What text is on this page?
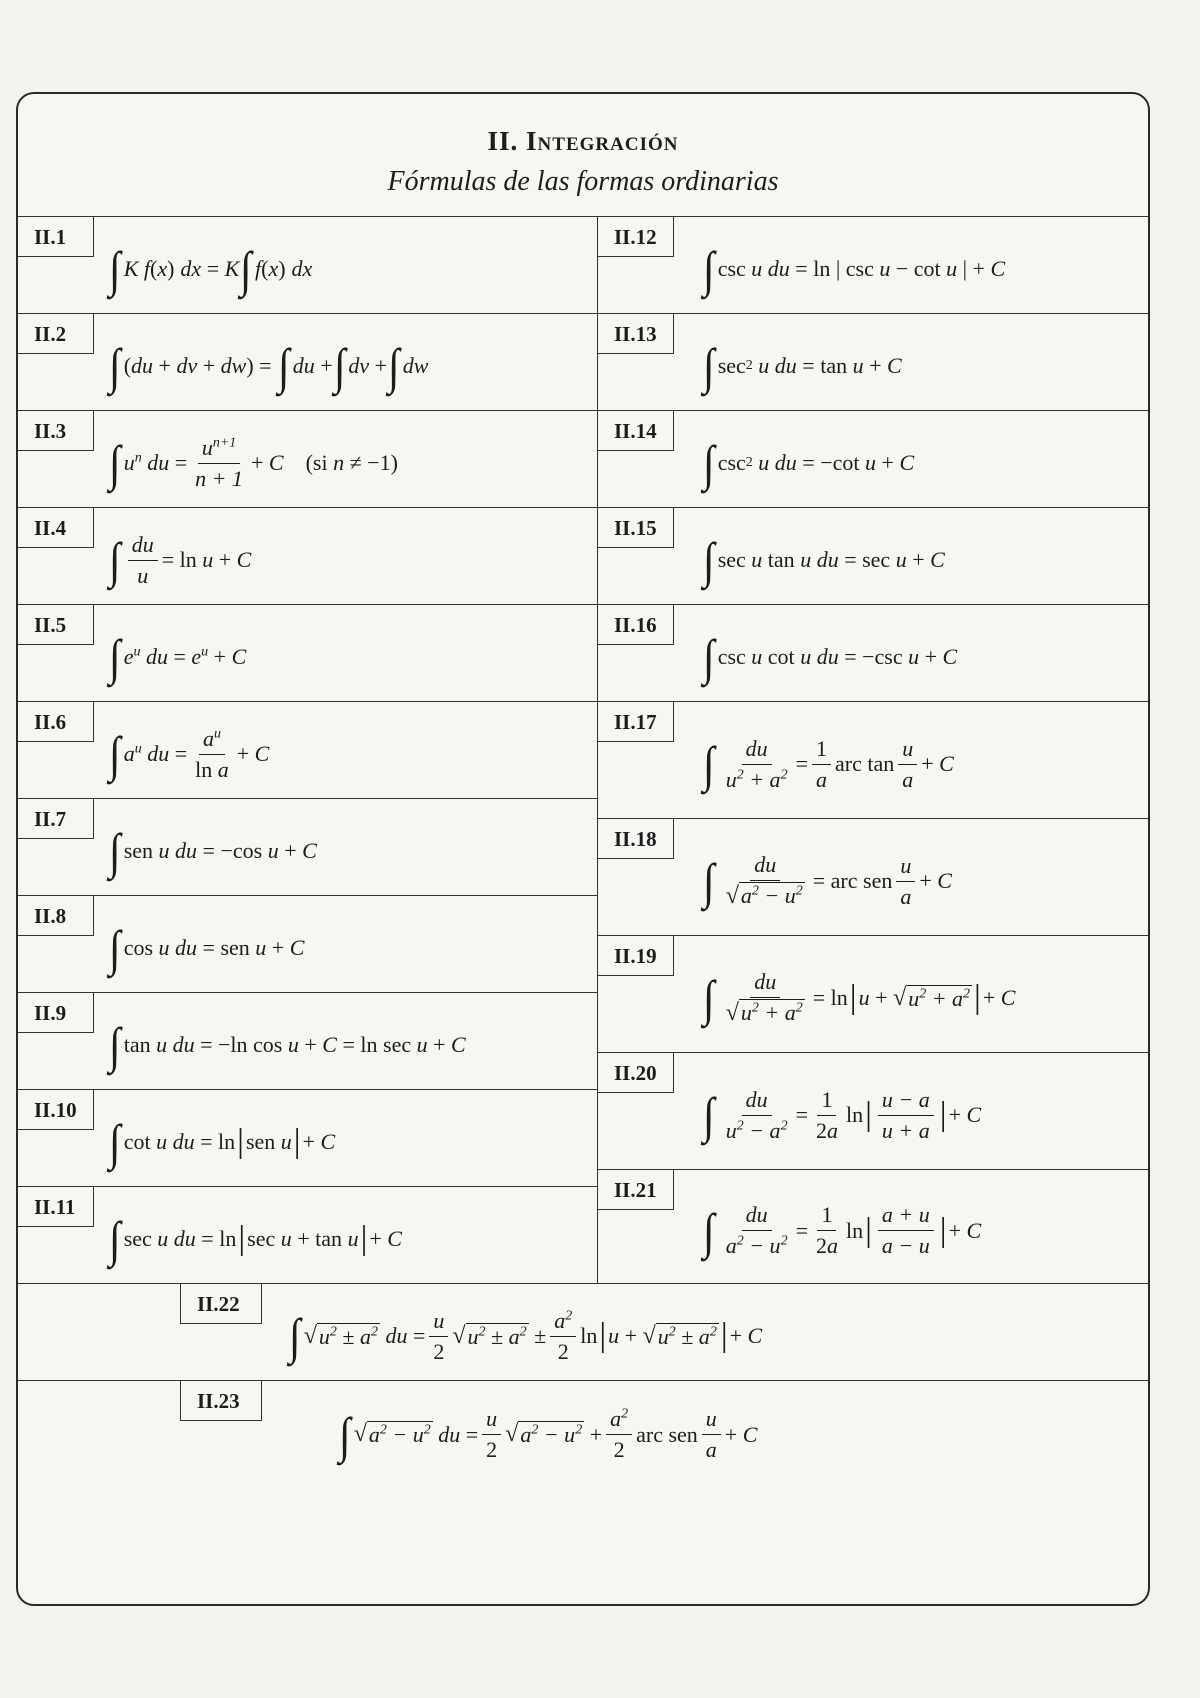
II. Integración
Fórmulas de las formas ordinarias
II.1
∫ K f ( x ) dx = K ∫ f ( x ) dx
II.2
∫ ( du + dv + dw ) = ∫ du + ∫ dv + ∫ dw
II.3
∫ $u^n$
du = $\frac{u^{n+1}}{n + 1} + C$
(si
n ≠ −1)
II.4
∫ $\frac{du}{u} = \ln$
u + C
II.5
∫ $e^u$
du = $e^u + C$
II.6
∫ $a^u$
du = $\frac{a^u}{\text{ln a}} + C$
II.7
∫ sen
u
du = − cos
u + C
II.8
∫ cos
u
du = sen
u + C
II.9
∫ tan
u
du = − ln
cos
u + C = ln
sec
u + C
II.10
∫ cot
u
du = ln | sen
u | + C
II.11
∫ sec
u
du = ln | sec
u + tan
u | + C
II.12
∫ csc
u
du = ln | csc
u − cot
u | + C
II.13
∫ sec 2
u
du = tan
u + C
II.14
∫ csc 2
u
du = − cot
u + C
II.15
∫ sec
u
tan
u
du = sec
u + C
II.16
∫ csc
u
cot
u
du = − csc
u + C
II.17
∫ $\frac{du}{u^2 + a^2} = \frac{1}{a}$ arc $\tan \frac{u}{a} + C$
II.18
∫ $\frac{du}{√a^2 - u^2}$ = arc sen $\frac{u}{a} + C$
II.19
∫ $\frac{du}{√u^2 + a^2} = \ln$ | u + √ $u^2 + a^2$ | + C
II.20
∫ $\frac{du}{u^2 - a^2} = \frac{1}{2a}$ ln | $\frac{u - a}{u + a}$ | + C
II.21
∫ $\frac{du}{a^2 - u^2} = \frac{1}{2a}$ ln | $\frac{a + u}{a - u}$ | + C
II.22
∫ √ $u^2 \pm a^2$
du = $\frac{u}{2}$ √ $u^2 \pm a^2 \pm \frac{a^2}{2}$ ln | u + √ $u^2 \pm a^2$ | + C
II.23
∫ √ $a^2 - u^2$
du = $\frac{u}{2}$ √ $a^2 - u^2 + \frac{a^2}{2}$ arc sen $\frac{u}{a} + C$
